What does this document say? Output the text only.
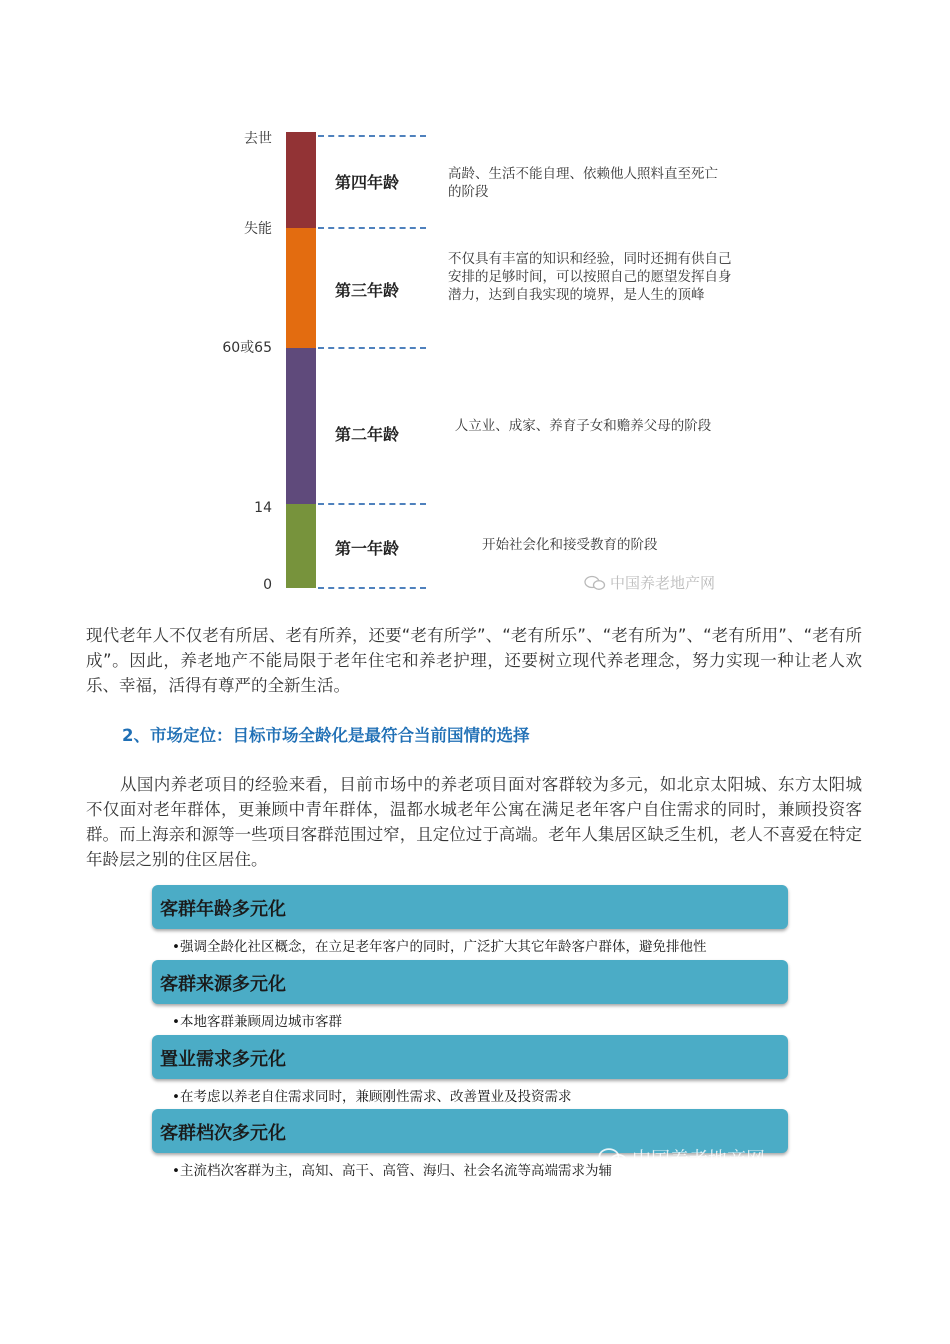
去世
失能
60或65
14
0
第四年龄
第三年龄
第二年龄
第一年龄
高龄、生活不能自理、依赖他人照料直至死亡的阶段
不仅具有丰富的知识和经验，同时还拥有供自己安排的足够时间，可以按照自己的愿望发挥自身潜力，达到自我实现的境界，是人生的顶峰
人立业、成家、养育子女和赡养父母的阶段
开始社会化和接受教育的阶段
中国养老地产网
现代老年人不仅老有所居、老有所养，还要“老有所学”、“老有所乐”、“老有所为”、“老有所用”、“老有所成”。因此，养老地产不能局限于老年住宅和养老护理，还要树立现代养老理念，努力实现一种让老人欢乐、幸福，活得有尊严的全新生活。
2、市场定位：目标市场全龄化是最符合当前国情的选择
从国内养老项目的经验来看，目前市场中的养老项目面对客群较为多元，如北京太阳城、东方太阳城不仅面对老年群体，更兼顾中青年群体，温都水城老年公寓在满足老年客户自住需求的同时，兼顾投资客群。而上海亲和源等一些项目客群范围过窄，且定位过于高端。老年人集居区缺乏生机，老人不喜爱在特定年龄层之别的住区居住。
客群年龄多元化
•强调全龄化社区概念，在立足老年客户的同时，广泛扩大其它年龄客户群体，避免排他性
客群来源多元化
•本地客群兼顾周边城市客群
置业需求多元化
•在考虑以养老自住需求同时，兼顾刚性需求、改善置业及投资需求
客群档次多元化
•主流档次客群为主，高知、高干、高管、海归、社会名流等高端需求为辅
中国养老地产网
